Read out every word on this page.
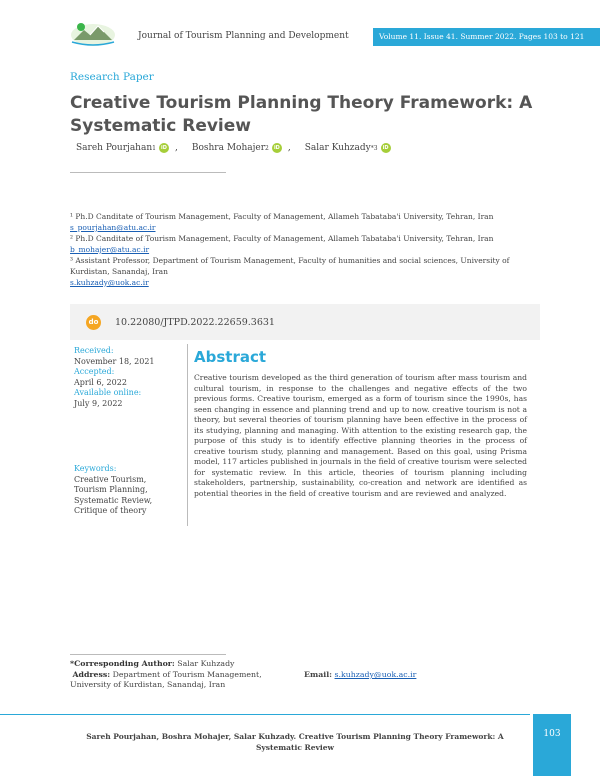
Journal of Tourism Planning and Development	Volume 11. Issue 41. Summer 2022. Pages 103 to 121
Research Paper
Creative Tourism Planning Theory Framework: A Systematic Review
Sareh Pourjahan 1 iD , Boshra Mohajer 2 iD , Salar Kuhzady *3
iD
¹ Ph.D Canditate of Tourism Management, Faculty of Management, Allameh Tabataba'i University, Tehran, Iran
s_pourjahan@atu.ac.ir
² Ph.D Canditate of Tourism Management, Faculty of Management, Allameh Tabataba'i University, Tehran, Iran
b_mohajer@atu.ac.ir
³ Assistant Professor, Department of Tourism Management, Faculty of humanities and social sciences, University of Kurdistan, Sanandaj, Iran
s.kuhzady@uok.ac.ir
do 10.22080/JTPD.2022.22659.3631
Received:
November 18, 2021
Accepted:
April 6, 2022
Available online:
July 9, 2022
Keywords:
Creative Tourism,
Tourism Planning,
Systematic Review,
Critique of theory
Abstract
Creative tourism developed as the third generation of tourism after mass tourism and cultural tourism, in response to the challenges and negative effects of the two previous forms. Creative tourism, emerged as a form of tourism since the 1990s, has seen changing in essence and planning trend and up to now. creative tourism is not a theory, but several theories of tourism planning have been effective in the process of its studying, planning and managing. With attention to the existing research gap, the purpose of this study is to identify effective planning theories in the process of creative tourism study, planning and management. Based on this goal, using Prisma model, 117 articles published in journals in the field of creative tourism were selected for systematic review. In this article, theories of tourism planning including stakeholders, partnership, sustainability, co-creation and network are identified as potential theories in the field of creative tourism and are reviewed and analyzed.
*Corresponding Author: Salar Kuhzady
Address: Department of Tourism Management,
University of Kurdistan, Sanandaj, Iran
Email: s.kuhzady@uok.ac.ir
Sareh Pourjahan, Boshra Mohajer, Salar Kuhzady. Creative Tourism Planning Theory Framework: A Systematic Review
103
